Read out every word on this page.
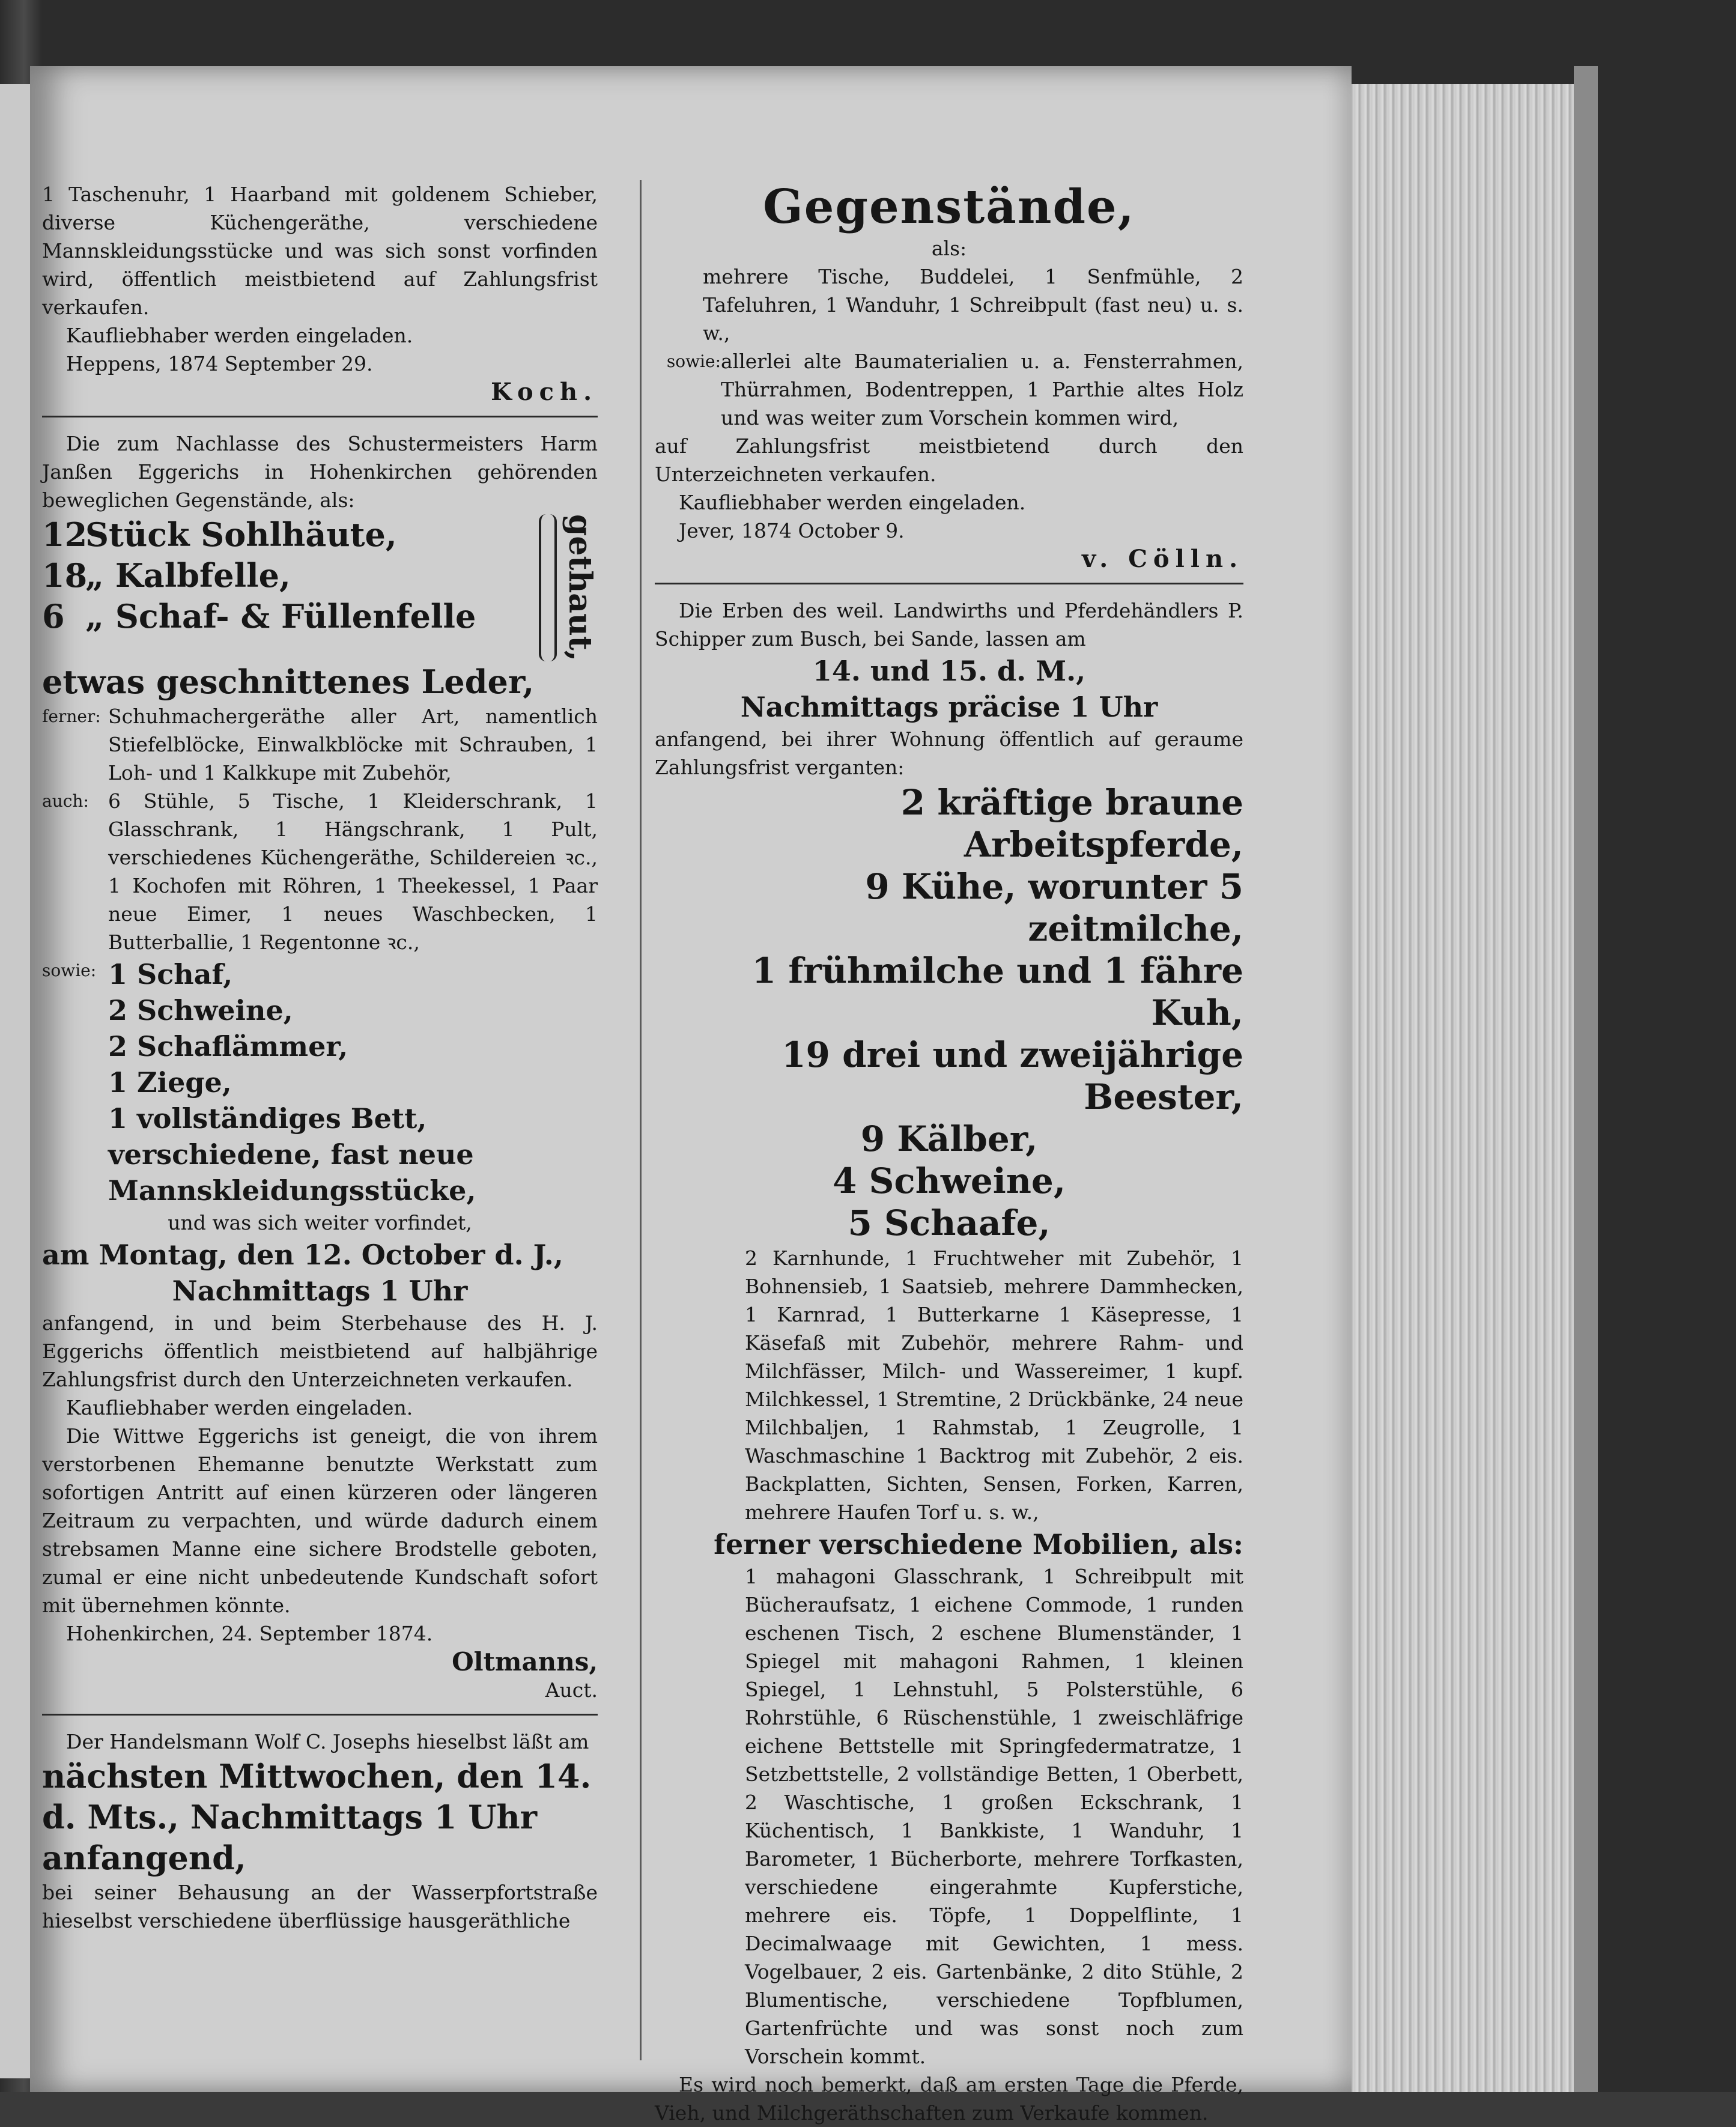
1 Taschenuhr, 1 Haarband mit goldenem Schieber, diverse Küchengeräthe, verschiedene Mannskleidungsstücke und was sich sonst vorfinden wird, öffentlich meistbietend auf Zahlungsfrist verkaufen.

Kaufliebhaber werden eingeladen.

Heppens, 1874 September 29.

Koch.

Die zum Nachlasse des Schustermeisters Harm Janßen Eggerichs in Hohenkirchen gehörenden beweglichen Gegenstände, als:

12Stück Sohlhäute,
18„ Kalbfelle,
6 „ Schaf- & Füllenfelle	gethaut,
etwas geschnittenes Leder,
ferner: Schuhmachergeräthe aller Art, namentlich Stiefelblöcke, Einwalkblöcke mit Schrauben, 1 Loh- und 1 Kalkkupe mit Zubehör,
auch: 6 Stühle, 5 Tische, 1 Kleiderschrank, 1 Glasschrank, 1 Hängschrank, 1 Pult, verschiedenes Küchengeräthe, Schildereien ꝛc., 1 Kochofen mit Röhren, 1 Theekessel, 1 Paar neue Eimer, 1 neues Waschbecken, 1 Butterballie, 1 Regentonne ꝛc.,
sowie: 1 Schaf,
2 Schweine,
2 Schaflämmer,
1 Ziege,
1 vollständiges Bett,
verschiedene, fast neue
Mannskleidungsstücke,

und was sich weiter vorfindet,

am Montag, den 12. October d. J.,
Nachmittags 1 Uhr

anfangend, in und beim Sterbehause des H. J. Eggerichs öffentlich meistbietend auf halbjährige Zahlungsfrist durch den Unterzeichneten verkaufen.

Kaufliebhaber werden eingeladen.

Die Wittwe Eggerichs ist geneigt, die von ihrem verstorbenen Ehemanne benutzte Werkstatt zum sofortigen Antritt auf einen kürzeren oder längeren Zeitraum zu verpachten, und würde dadurch einem strebsamen Manne eine sichere Brodstelle geboten, zumal er eine nicht unbedeutende Kundschaft sofort mit übernehmen könnte.

Hohenkirchen, 24. September 1874.

Oltmanns,

Auct.

Der Handelsmann Wolf C. Josephs hieselbst läßt am

nächsten Mittwochen, den 14.
d. Mts., Nachmittags 1 Uhr
anfangend,

bei seiner Behausung an der Wasserpfortstraße hieselbst verschiedene überflüssige hausgeräthliche

Gegenstände,

als:

mehrere Tische, Buddelei, 1 Senfmühle, 2 Tafeluhren, 1 Wanduhr, 1 Schreibpult (fast neu) u. s. w.,

sowie: allerlei alte Baumaterialien u. a. Fensterrahmen, Thürrahmen, Bodentreppen, 1 Parthie altes Holz und was weiter zum Vorschein kommen wird,

auf Zahlungsfrist meistbietend durch den Unterzeichneten verkaufen.

Kaufliebhaber werden eingeladen.

Jever, 1874 October 9.

v. Cölln.

Die Erben des weil. Landwirths und Pferdehändlers P. Schipper zum Busch, bei Sande, lassen am

14. und 15. d. M.,
Nachmittags präcise 1 Uhr

anfangend, bei ihrer Wohnung öffentlich auf geraume Zahlungsfrist verganten:

2 kräftige braune Arbeitspferde,
9 Kühe, worunter 5 zeitmilche,
1 frühmilche und 1 fähre Kuh,
19 drei und zweijährige Beester,
9 Kälber,
4 Schweine,
5 Schaafe,

2 Karnhunde, 1 Fruchtweher mit Zubehör, 1 Bohnensieb, 1 Saatsieb, mehrere Dammhecken, 1 Karnrad, 1 Butterkarne 1 Käsepresse, 1 Käsefaß mit Zubehör, mehrere Rahm- und Milchfässer, Milch- und Wassereimer, 1 kupf. Milchkessel, 1 Stremtine, 2 Drückbänke, 24 neue Milchbaljen, 1 Rahmstab, 1 Zeugrolle, 1 Waschmaschine 1 Backtrog mit Zubehör, 2 eis. Backplatten, Sichten, Sensen, Forken, Karren, mehrere Haufen Torf u. s. w.,

ferner verschiedene Mobilien, als:

1 mahagoni Glasschrank, 1 Schreibpult mit Bücheraufsatz, 1 eichene Commode, 1 runden eschenen Tisch, 2 eschene Blumenständer, 1 Spiegel mit mahagoni Rahmen, 1 kleinen Spiegel, 1 Lehnstuhl, 5 Polsterstühle, 6 Rohrstühle, 6 Rüschenstühle, 1 zweischläfrige eichene Bettstelle mit Springfedermatratze, 1 Setzbettstelle, 2 vollständige Betten, 1 Oberbett, 2 Waschtische, 1 großen Eckschrank, 1 Küchentisch, 1 Bankkiste, 1 Wanduhr, 1 Barometer, 1 Bücherborte, mehrere Torfkasten, verschiedene eingerahmte Kupferstiche, mehrere eis. Töpfe, 1 Doppelflinte, 1 Decimalwaage mit Gewichten, 1 mess. Vogelbauer, 2 eis. Gartenbänke, 2 dito Stühle, 2 Blumentische, verschiedene Topfblumen, Gartenfrüchte und was sonst noch zum Vorschein kommt.

Es wird noch bemerkt, daß am ersten Tage die Pferde, Vieh, und Milchgeräthschaften zum Verkaufe kommen.
